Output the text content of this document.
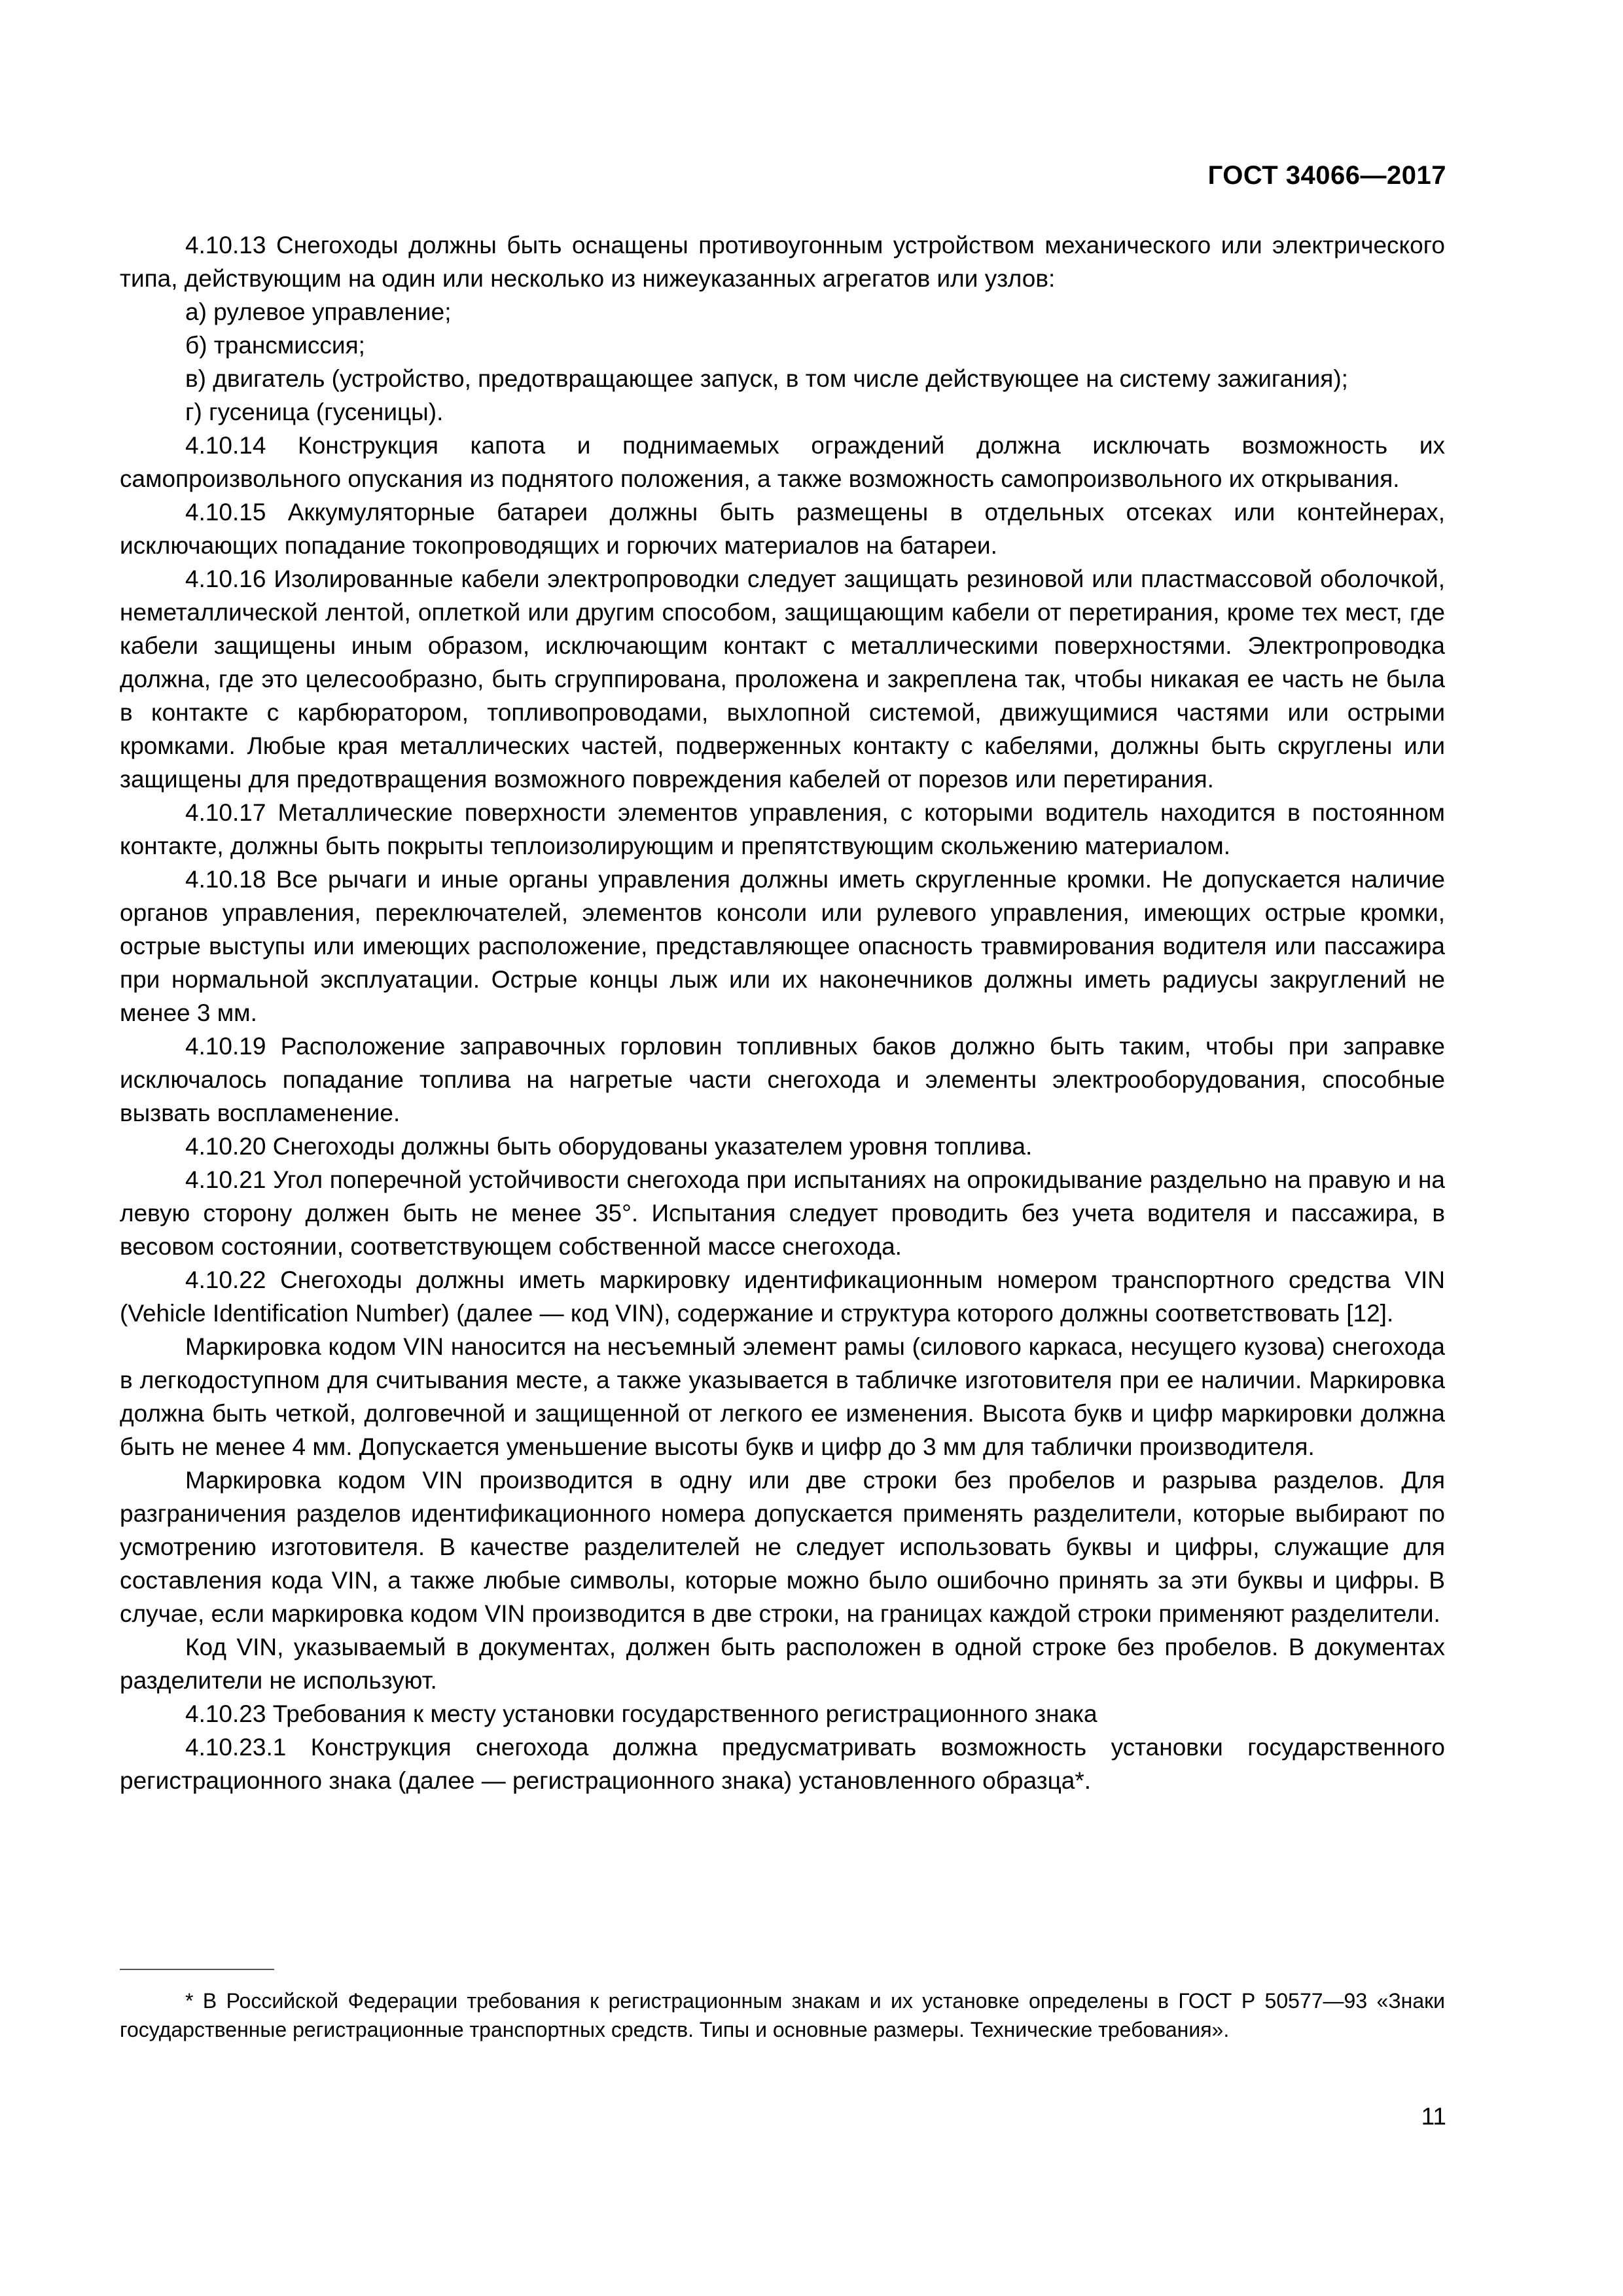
ГОСТ 34066—2017

4.10.13 Снегоходы должны быть оснащены противоугонным устройством механического или электрического типа, действующим на один или несколько из нижеуказанных агрегатов или узлов:

а) рулевое управление;

б) трансмиссия;

в) двигатель (устройство, предотвращающее запуск, в том числе действующее на систему зажигания);

г) гусеница (гусеницы).

4.10.14 Конструкция капота и поднимаемых ограждений должна исключать возможность их самопроизвольного опускания из поднятого положения, а также возможность самопроизвольного их открывания.

4.10.15 Аккумуляторные батареи должны быть размещены в отдельных отсеках или контейнерах, исключающих попадание токопроводящих и горючих материалов на батареи.

4.10.16 Изолированные кабели электропроводки следует защищать резиновой или пластмассовой оболочкой, неметаллической лентой, оплеткой или другим способом, защищающим кабели от перетирания, кроме тех мест, где кабели защищены иным образом, исключающим контакт с металлическими поверхностями. Электропроводка должна, где это целесообразно, быть сгруппирована, проложена и закреплена так, чтобы никакая ее часть не была в контакте с карбюратором, топливопроводами, выхлопной системой, движущимися частями или острыми кромками. Любые края металлических частей, подверженных контакту с кабелями, должны быть скруглены или защищены для предотвращения возможного повреждения кабелей от порезов или перетирания.

4.10.17 Металлические поверхности элементов управления, с которыми водитель находится в постоянном контакте, должны быть покрыты теплоизолирующим и препятствующим скольжению материалом.

4.10.18 Все рычаги и иные органы управления должны иметь скругленные кромки. Не допускается наличие органов управления, переключателей, элементов консоли или рулевого управления, имеющих острые кромки, острые выступы или имеющих расположение, представляющее опасность травмирования водителя или пассажира при нормальной эксплуатации. Острые концы лыж или их наконечников должны иметь радиусы закруглений не менее 3 мм.

4.10.19 Расположение заправочных горловин топливных баков должно быть таким, чтобы при заправке исключалось попадание топлива на нагретые части снегохода и элементы электрооборудования, способные вызвать воспламенение.

4.10.20 Снегоходы должны быть оборудованы указателем уровня топлива.

4.10.21 Угол поперечной устойчивости снегохода при испытаниях на опрокидывание раздельно на правую и на левую сторону должен быть не менее 35°. Испытания следует проводить без учета водителя и пассажира, в весовом состоянии, соответствующем собственной массе снегохода.

4.10.22 Снегоходы должны иметь маркировку идентификационным номером транспортного средства VIN (Vehicle Identification Number) (далее — код VIN), содержание и структура которого должны соответствовать [12].

Маркировка кодом VIN наносится на несъемный элемент рамы (силового каркаса, несущего кузова) снегохода в легкодоступном для считывания месте, а также указывается в табличке изготовителя при ее наличии. Маркировка должна быть четкой, долговечной и защищенной от легкого ее изменения. Высота букв и цифр маркировки должна быть не менее 4 мм. Допускается уменьшение высоты букв и цифр до 3 мм для таблички производителя.

Маркировка кодом VIN производится в одну или две строки без пробелов и разрыва разделов. Для разграничения разделов идентификационного номера допускается применять разделители, которые выбирают по усмотрению изготовителя. В качестве разделителей не следует использовать буквы и цифры, служащие для составления кода VIN, а также любые символы, которые можно было ошибочно принять за эти буквы и цифры. В случае, если маркировка кодом VIN производится в две строки, на границах каждой строки применяют разделители.

Код VIN, указываемый в документах, должен быть расположен в одной строке без пробелов. В документах разделители не используют.

4.10.23 Требования к месту установки государственного регистрационного знака

4.10.23.1 Конструкция снегохода должна предусматривать возможность установки государственного регистрационного знака (далее — регистрационного знака) установленного образца*.

* В Российской Федерации требования к регистрационным знакам и их установке определены в ГОСТ Р 50577—93 «Знаки государственные регистрационные транспортных средств. Типы и основные размеры. Технические требования».

11
